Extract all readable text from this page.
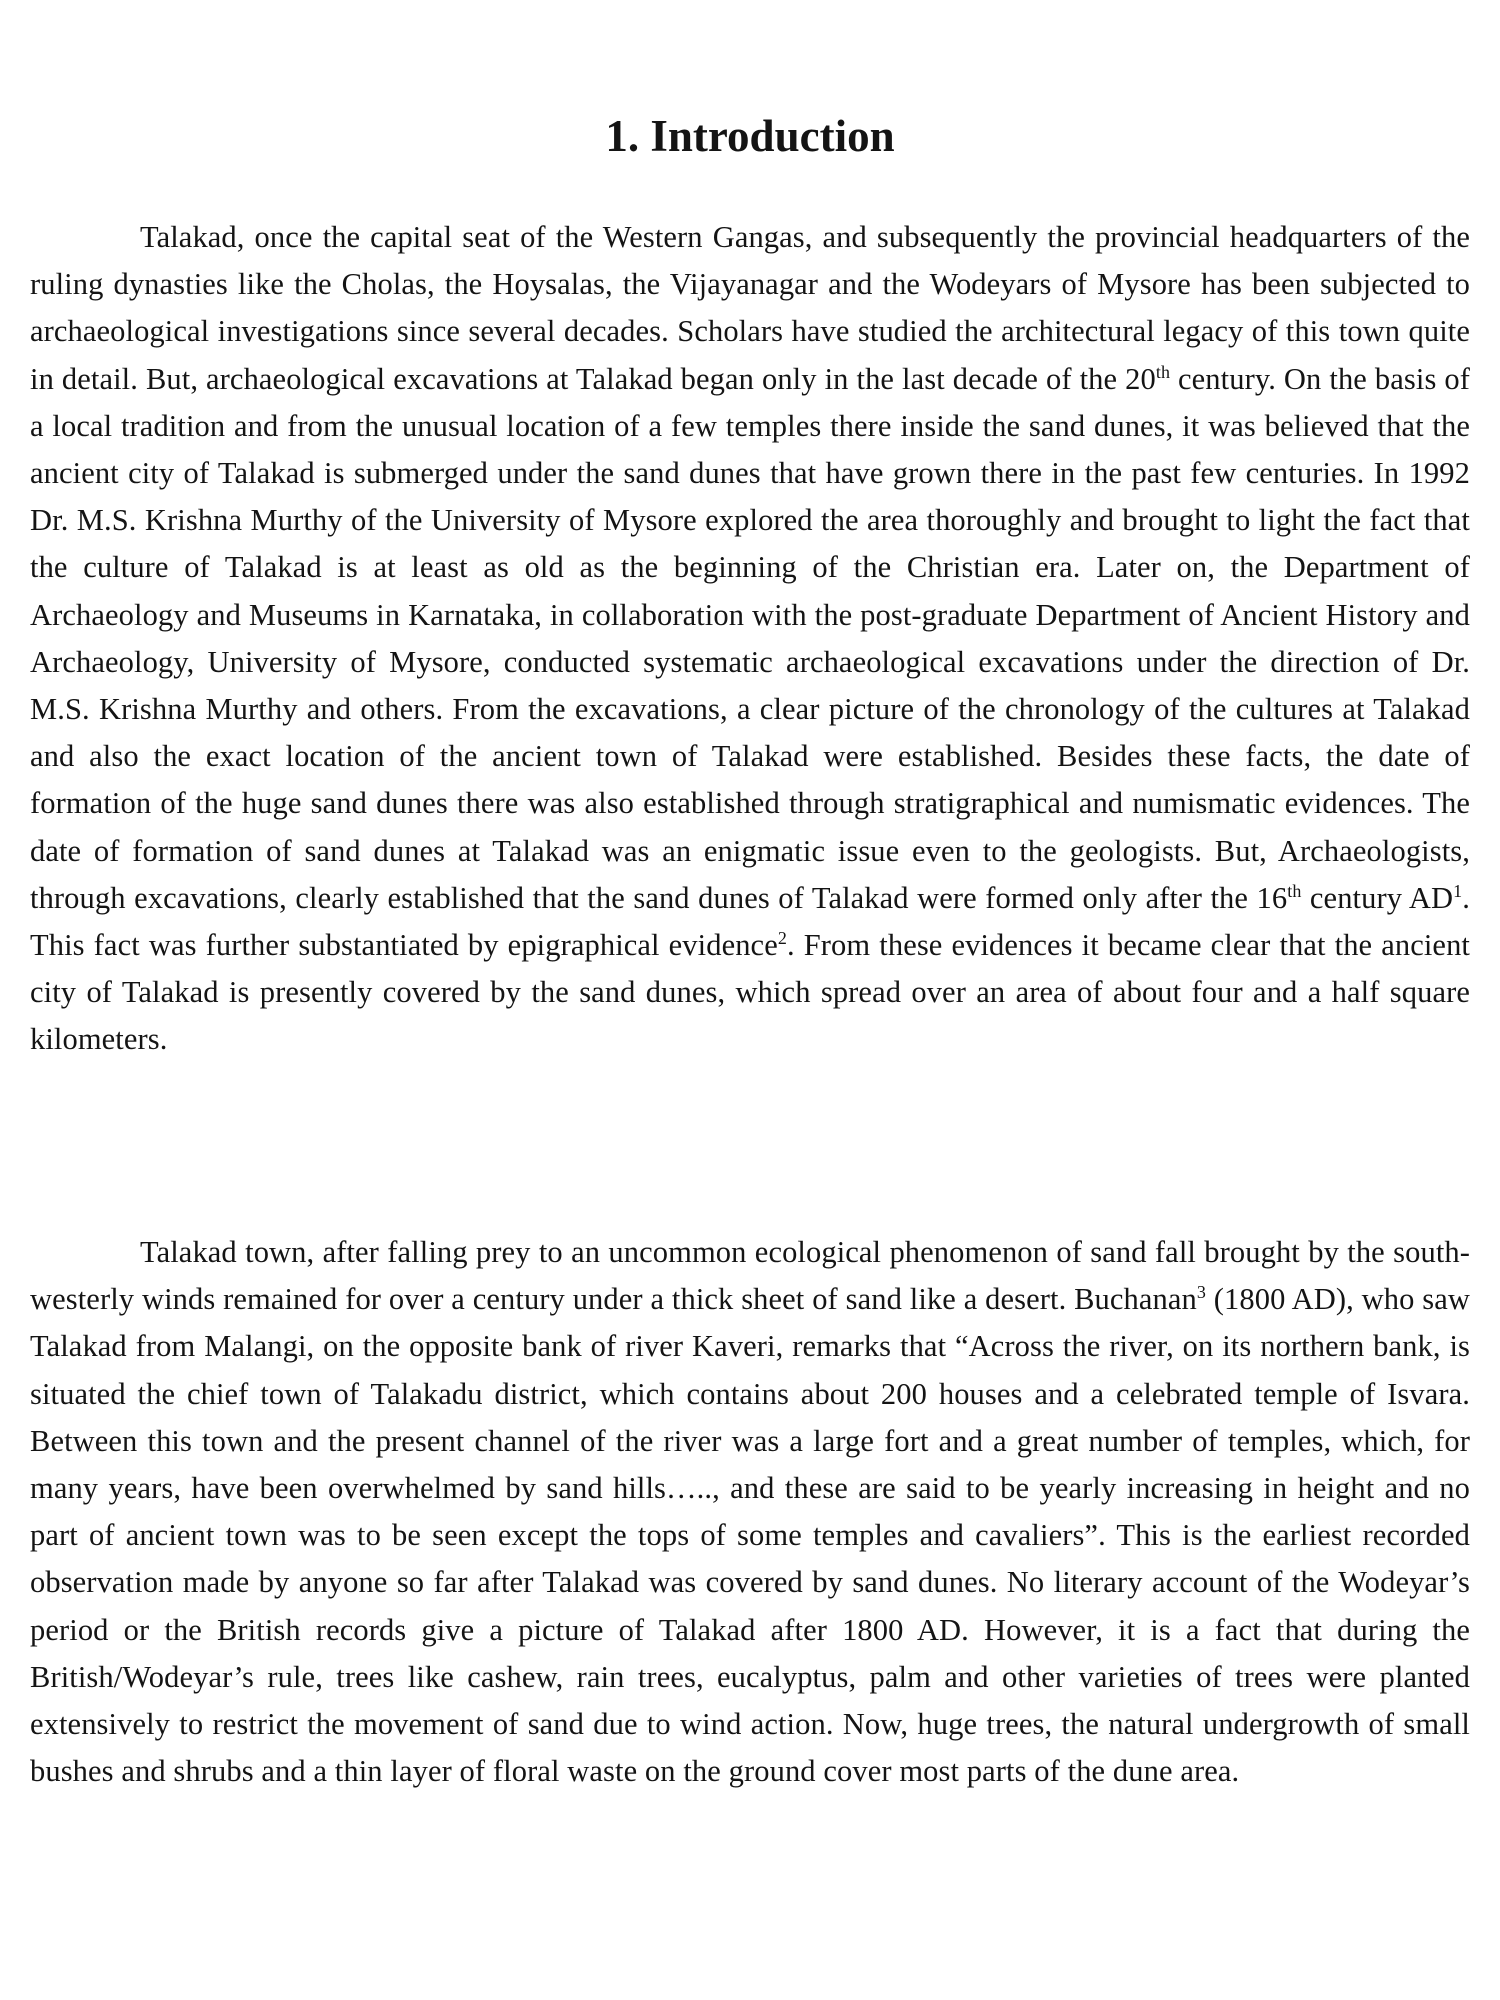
1. Introduction

Talakad, once the capital seat of the Western Gangas, and subsequently the provincial headquarters of the ruling dynasties like the Cholas, the Hoysalas, the Vijayanagar and the Wodeyars of Mysore has been subjected to archaeological investigations since several decades. Scholars have studied the architectural legacy of this town quite in detail. But, archaeological excavations at Talakad began only in the last decade of the 20th century. On the basis of a local tradition and from the unusual location of a few temples there inside the sand dunes, it was believed that the ancient city of Talakad is submerged under the sand dunes that have grown there in the past few centuries. In 1992 Dr. M.S. Krishna Murthy of the University of Mysore explored the area thoroughly and brought to light the fact that the culture of Talakad is at least as old as the beginning of the Christian era. Later on, the Department of Archaeology and Museums in Karnataka, in collaboration with the post-graduate Department of Ancient History and Archaeology, University of Mysore, conducted systematic archaeological excavations under the direction of Dr. M.S. Krishna Murthy and others. From the excavations, a clear picture of the chronology of the cultures at Talakad and also the exact location of the ancient town of Talakad were established. Besides these facts, the date of formation of the huge sand dunes there was also established through stratigraphical and numismatic evidences. The date of formation of sand dunes at Talakad was an enigmatic issue even to the geologists. But, Archaeologists, through excavations, clearly established that the sand dunes of Talakad were formed only after the 16th century $AD^1$. This fact was further substantiated by epigraphical evidence$^2$. From these evidences it became clear that the ancient city of Talakad is presently covered by the sand dunes, which spread over an area of about four and a half square kilometers.

Talakad town, after falling prey to an uncommon ecological phenomenon of sand fall brought by the south-westerly winds remained for over a century under a thick sheet of sand like a desert. Buchanan$^3$ (1800 AD), who saw Talakad from Malangi, on the opposite bank of river Kaveri, remarks that “Across the river, on its northern bank, is situated the chief town of Talakadu district, which contains about 200 houses and a celebrated temple of Isvara. Between this town and the present channel of the river was a large fort and a great number of temples, which, for many years, have been overwhelmed by sand hills….., and these are said to be yearly increasing in height and no part of ancient town was to be seen except the tops of some temples and cavaliers”. This is the earliest recorded observation made by anyone so far after Talakad was covered by sand dunes. No literary account of the Wodeyar’s period or the British records give a picture of Talakad after 1800 AD. However, it is a fact that during the British/Wodeyar’s rule, trees like cashew, rain trees, eucalyptus, palm and other varieties of trees were planted extensively to restrict the movement of sand due to wind action. Now, huge trees, the natural undergrowth of small bushes and shrubs and a thin layer of floral waste on the ground cover most parts of the dune area.
